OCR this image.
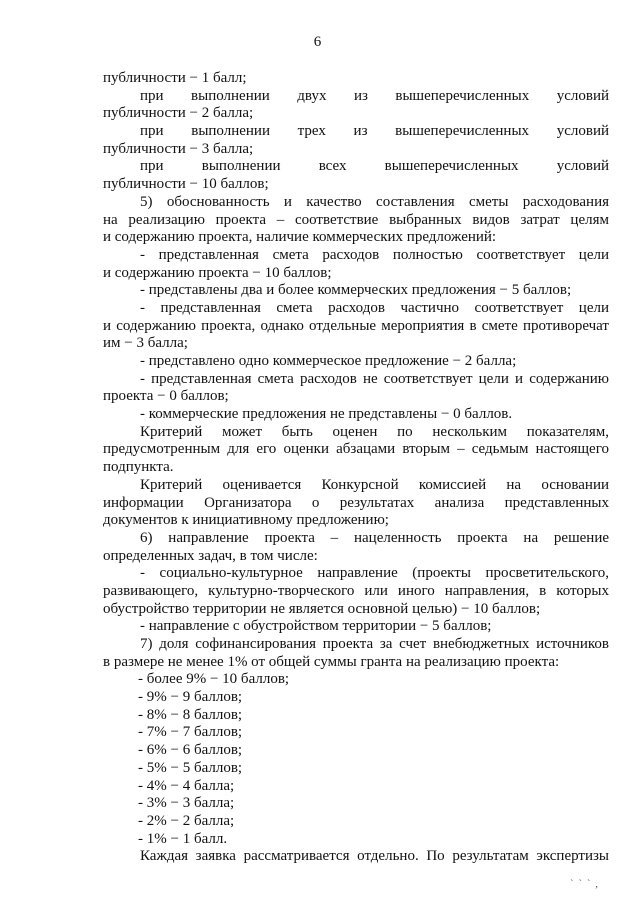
6
публичности − 1 балл;
при выполнении двух из вышеперечисленных условий
публичности − 2 балла;
при выполнении трех из вышеперечисленных условий
публичности − 3 балла;
при выполнении всех вышеперечисленных условий
публичности − 10 баллов;
5) обоснованность и качество составления сметы расходования
на реализацию проекта – соответствие выбранных видов затрат целям
и содержанию проекта, наличие коммерческих предложений:
- представленная смета расходов полностью соответствует цели
и содержанию проекта − 10 баллов;
- представлены два и более коммерческих предложения − 5 баллов;
- представленная смета расходов частично соответствует цели
и содержанию проекта, однако отдельные мероприятия в смете противоречат
им − 3 балла;
- представлено одно коммерческое предложение − 2 балла;
- представленная смета расходов не соответствует цели и содержанию
проекта − 0 баллов;
- коммерческие предложения не представлены − 0 баллов.
Критерий может быть оценен по нескольким показателям,
предусмотренным для его оценки абзацами вторым – седьмым настоящего
подпункта.
Критерий оценивается Конкурсной комиссией на основании
информации Организатора о результатах анализа представленных
документов к инициативному предложению;
6) направление проекта – нацеленность проекта на решение
определенных задач, в том числе:
- социально-культурное направление (проекты просветительского,
развивающего, культурно-творческого или иного направления, в которых
обустройство территории не является основной целью) − 10 баллов;
- направление с обустройством территории − 5 баллов;
7) доля софинансирования проекта за счет внебюджетных источников
в размере не менее 1% от общей суммы гранта на реализацию проекта:
- более 9% − 10 баллов;
- 9% − 9 баллов;
- 8% − 8 баллов;
- 7% − 7 баллов;
- 6% − 6 баллов;
- 5% − 5 баллов;
- 4% − 4 балла;
- 3% − 3 балла;
- 2% − 2 балла;
- 1% − 1 балл.
Каждая заявка рассматривается отдельно. По результатам экспертизы
` ` ` ,
